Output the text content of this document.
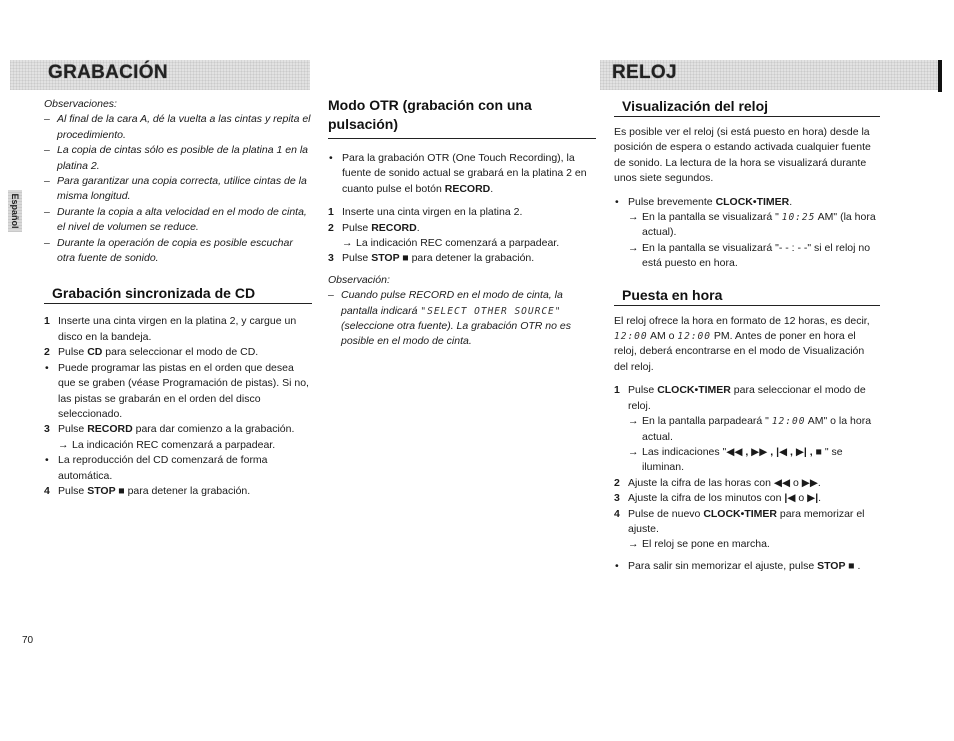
GRABACIÓN	RELOJ
Español

Observaciones:

– Al final de la cara A, dé la vuelta a las cintas y repita el procedimiento.
– La copia de cintas sólo es posible de la platina 1 en la platina 2.
– Para garantizar una copia correcta, utilice cintas de la misma longitud.
– Durante la copia a alta velocidad en el modo de cinta, el nivel de volumen se reduce.
– Durante la operación de copia es posible escuchar otra fuente de sonido.

Grabación sincronizada de CD

1 Inserte una cinta virgen en la platina 2, y cargue un disco en la bandeja.
2 Pulse CD para seleccionar el modo de CD.
• Puede programar las pistas en el orden que desea que se graben (véase Programación de pistas). Si no, las pistas se grabarán en el orden del disco seleccionado.
3 Pulse RECORD para dar comienzo a la grabación.
→ La indicación REC comenzará a parpadear.
• La reproducción del CD comenzará de forma automática.
4 Pulse STOP ■ para detener la grabación.

Modo OTR (grabación con una pulsación)

• Para la grabación OTR (One Touch Recording), la fuente de sonido actual se grabará en la platina 2 en cuanto pulse el botón RECORD.
1 Inserte una cinta virgen en la platina 2.
2 Pulse RECORD.
→ La indicación REC comenzará a parpadear.
3 Pulse STOP ■ para detener la grabación.

Observación:

– Cuando pulse RECORD en el modo de cinta, la pantalla indicará "SELECT OTHER SOURCE" (seleccione otra fuente). La grabación OTR no es posible en el modo de cinta.

Visualización del reloj

Es posible ver el reloj (si está puesto en hora) desde la posición de espera o estando activada cualquier fuente de sonido. La lectura de la hora se visualizará durante unos siete segundos.

• Pulse brevemente CLOCK•TIMER.
→ En la pantalla se visualizará " 10:25 AM" (la hora actual).
→ En la pantalla se visualizará "- - : - -" si el reloj no está puesto en hora.

Puesta en hora

El reloj ofrece la hora en formato de 12 horas, es decir, 12:00 AM o 12:00 PM. Antes de poner en hora el reloj, deberá encontrarse en el modo de Visualización del reloj.

1 Pulse CLOCK•TIMER para seleccionar el modo de reloj.
→ En la pantalla parpadeará " 12:00 AM" o la hora actual.
→ Las indicaciones "◀◀ , ▶▶ , |◀ , ▶| , ■ " se iluminan.
2 Ajuste la cifra de las horas con ◀◀ o ▶▶.
3 Ajuste la cifra de los minutos con |◀ o ▶|.
4 Pulse de nuevo CLOCK•TIMER para memorizar el ajuste.
→ El reloj se pone en marcha.
• Para salir sin memorizar el ajuste, pulse STOP ■ .
70
